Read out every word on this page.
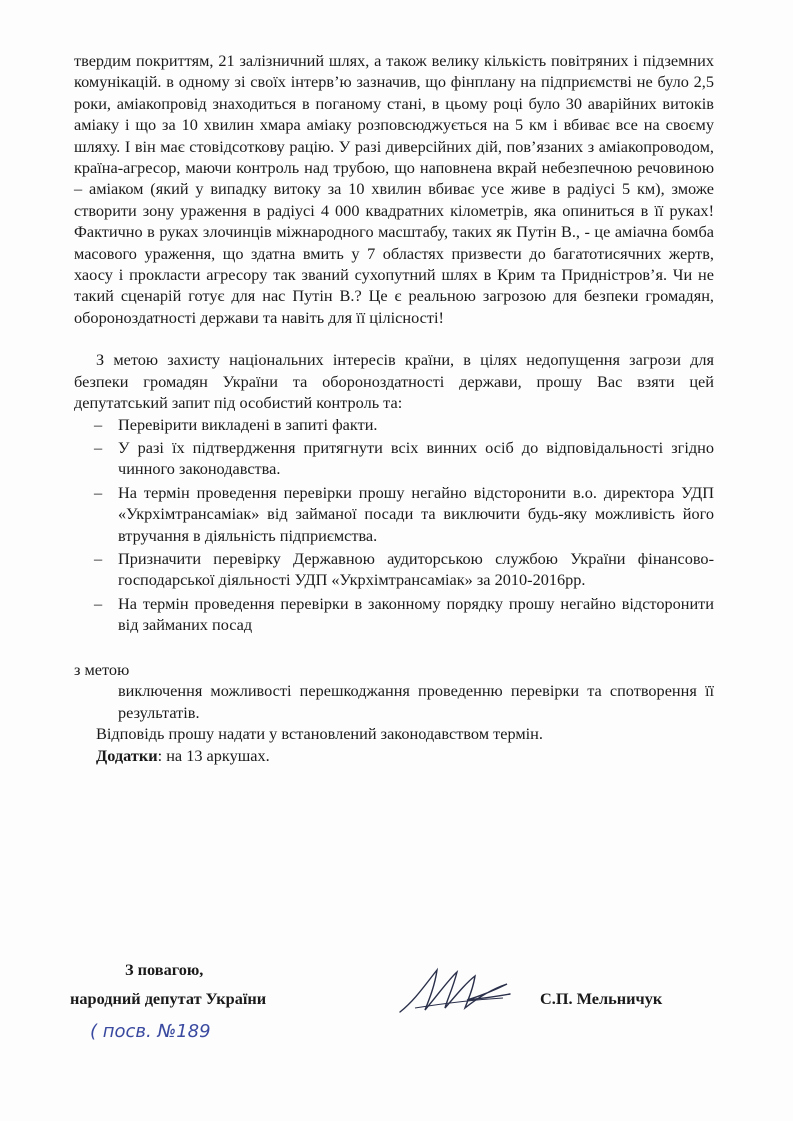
твердим покриттям, 21 залізничний шлях, а також велику кількість повітряних і підземних комунікацій. в одному зі своїх інтерв’ю зазначив, що фінплану на підприємстві не було 2,5 роки, аміакопровід знаходиться в поганому стані, в цьому році було 30 аварійних витоків аміаку і що за 10 хвилин хмара аміаку розповсюджується на 5 км і вбиває все на своєму шляху. І він має стовідсоткову рацію. У разі диверсійних дій, пов’язаних з аміакопроводом, країна-агресор, маючи контроль над трубою, що наповнена вкрай небезпечною речовиною – аміаком (який у випадку витоку за 10 хвилин вбиває усе живе в радіусі 5 км), зможе створити зону ураження в радіусі 4 000 квадратних кілометрів, яка опиниться в її руках! Фактично в руках злочинців міжнародного масштабу, таких як Путін В., - це аміачна бомба масового ураження, що здатна вмить у 7 областях призвести до багатотисячних жертв, хаосу і прокласти агресору так званий сухопутний шлях в Крим та Придністров’я. Чи не такий сценарій готує для нас Путін В.? Це є реальною загрозою для безпеки громадян, обороноздатності держави та навіть для її цілісності!

З метою захисту національних інтересів країни, в цілях недопущення загрози для безпеки громадян України та обороноздатності держави, прошу Вас взяти цей депутатський запит під особистий контроль та:

– Перевірити викладені в запиті факти.
– У разі їх підтвердження притягнути всіх винних осіб до відповідальності згідно чинного законодавства.
– На термін проведення перевірки прошу негайно відсторонити в.о. директора УДП «Укрхімтрансаміак» від займаної посади та виключити будь-яку можливість його втручання в діяльність підприємства.
– Призначити перевірку Державною аудиторською службою України фінансово-господарської діяльності УДП «Укрхімтрансаміак» за 2010-2016рр.
– На термін проведення перевірки в законному порядку прошу негайно відсторонити від займаних посад

з метою

виключення можливості перешкоджання проведенню перевірки та спотворення її результатів.

Відповідь прошу надати у встановлений законодавством термін.

Додатки: на 13 аркушах.

З повагою,
народний депутат України	С.П. Мельничук
( посв. №189
